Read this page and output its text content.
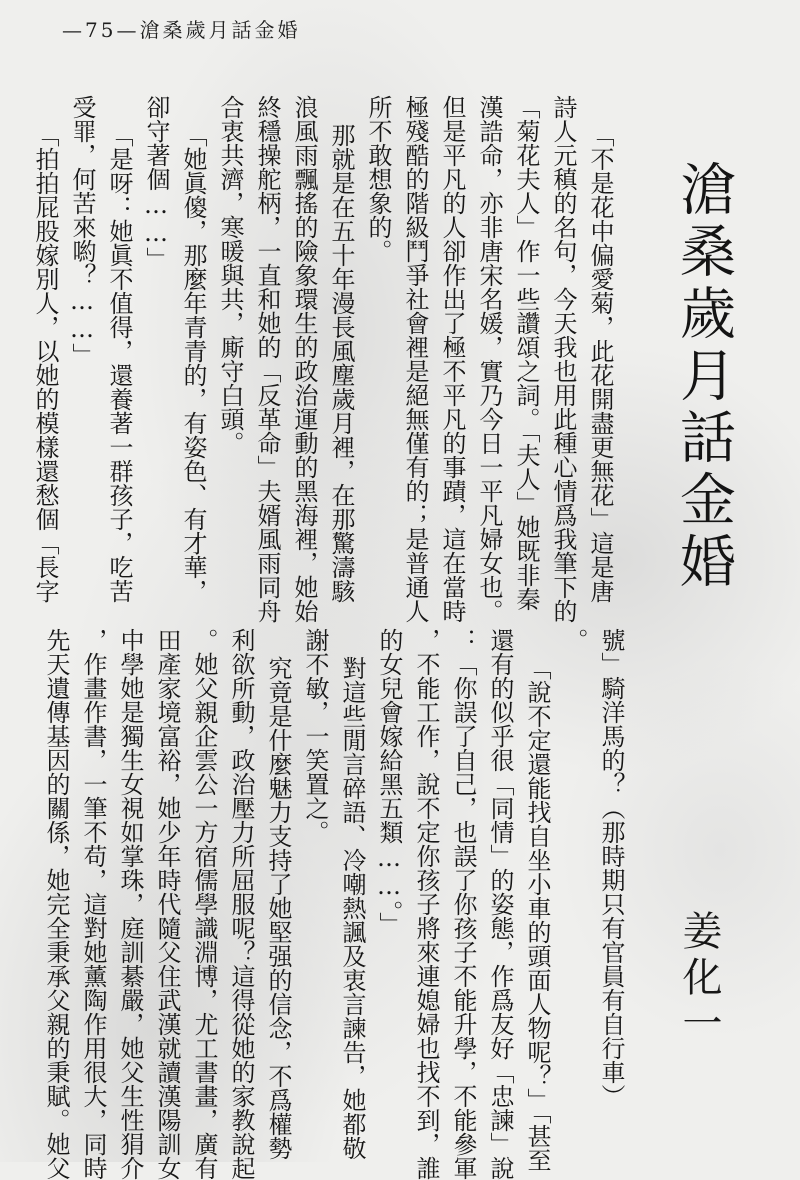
—75—滄桑歲月話金婚
滄桑歲月話金婚
姜化一
「不是花中偏愛菊，此花開盡更無花」這是唐
詩人元稹的名句，今天我也用此種心情爲我筆下的
「菊花夫人」作一些讚頌之詞。「夫人」她既非秦
漢誥命，亦非唐宋名媛，實乃今日一平凡婦女也。
但是平凡的人卻作出了極不平凡的事蹟，這在當時
極殘酷的階級鬥爭社會裡是絕無僅有的；是普通人
所不敢想象的。
那就是在五十年漫長風塵歲月裡，在那驚濤駭
浪風雨飄搖的險象環生的政治運動的黑海裡，她始
終穩操舵柄，一直和她的「反革命」夫婿風雨同舟
合衷共濟，寒暖與共，廝守白頭。
「她眞傻，那麼年青青的，有姿色、有才華，
卻守著個……」
「是呀：她眞不值得，還養著一群孩子，吃苦
受罪，何苦來喲？……」
「拍拍屁股嫁別人，以她的模樣還愁個「長字
號」騎洋馬的？（那時期只有官員有自行車）
。
「說不定還能找自坐小車的頭面人物呢？」「甚至
還有的似乎很「同情」的姿態，作爲友好「忠諫」說
：「你誤了自己，也誤了你孩子不能升學，不能參軍
，不能工作，說不定你孩子將來連媳婦也找不到，誰
的女兒會嫁給黑五類……。」
對這些閒言碎語、冷嘲熱諷及衷言諫告，她都敬
謝不敏，一笑置之。
究竟是什麼魅力支持了她堅强的信念，不爲權勢
利欲所動，政治壓力所屈服呢？這得從她的家教說起
。她父親企雲公一方宿儒學識淵博，尤工書畫，廣有
田產家境富裕，她少年時代隨父住武漢就讀漢陽訓女
中學她是獨生女視如掌珠，庭訓綦嚴，她父生性狷介
，作畫作書，一筆不苟，這對她薰陶作用很大，同時
先天遺傳基因的關係，她完全秉承父親的秉賦。她父
